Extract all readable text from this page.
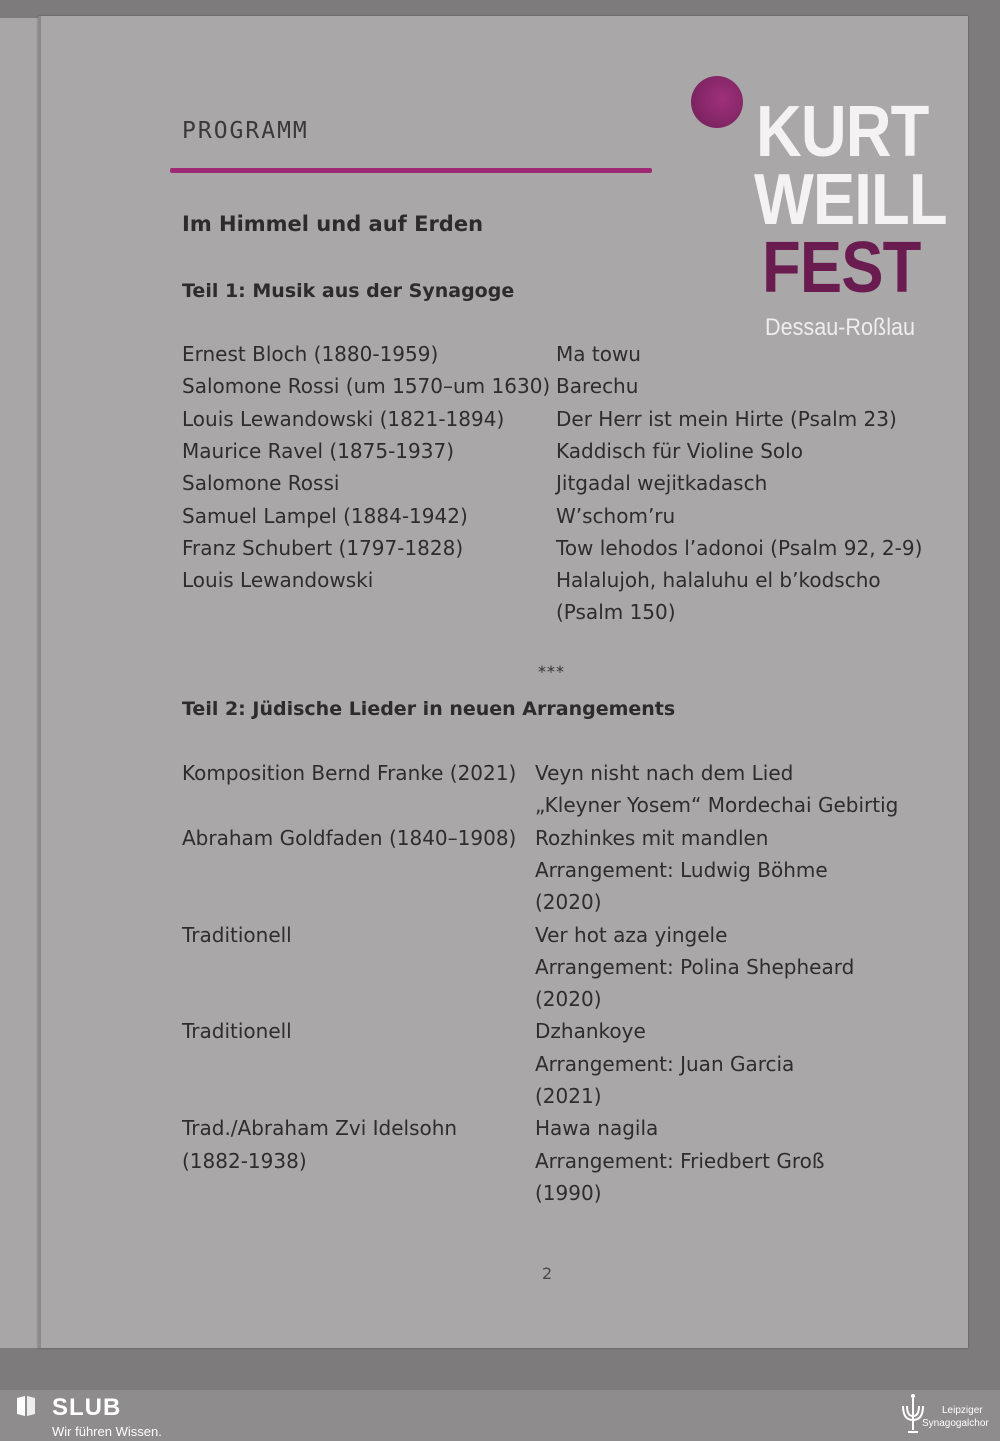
PROGRAMM	KURT
WEILL
FEST
Dessau-Roßlau
Im Himmel und auf Erden
Teil 1: Musik aus der Synagoge
Ernest Bloch (1880-1959)	Ma towu
Salomone Rossi (um 1570–um 1630) Barechu
Louis Lewandowski (1821-1894)	Der Herr ist mein Hirte (Psalm 23)
Maurice Ravel (1875-1937)	Kaddisch für Violine Solo
Salomone Rossi	Jitgadal wejitkadasch
Samuel Lampel (1884-1942)	W’schom’ru
Franz Schubert (1797-1828)	Tow lehodos l’adonoi (Psalm 92, 2-9)
Louis Lewandowski	Halalujoh, halaluhu el b’kodscho
(Psalm 150)
***
Teil 2: Jüdische Lieder in neuen Arrangements
Komposition Bernd Franke (2021) Veyn nisht nach dem Lied
„Kleyner Yosem“ Mordechai Gebirtig
Abraham Goldfaden (1840–1908) Rozhinkes mit mandlen
Arrangement: Ludwig Böhme
(2020)
Traditionell	Ver hot aza yingele
Arrangement: Polina Shepheard
(2020)
Traditionell	Dzhankoye
Arrangement: Juan Garcia
(2021)
Trad./Abraham Zvi Idelsohn	Hawa nagila
(1882-1938)	Arrangement: Friedbert Groß
(1990)
2
SLUB
Wir führen Wissen.
Leipziger
Synagogalchor
